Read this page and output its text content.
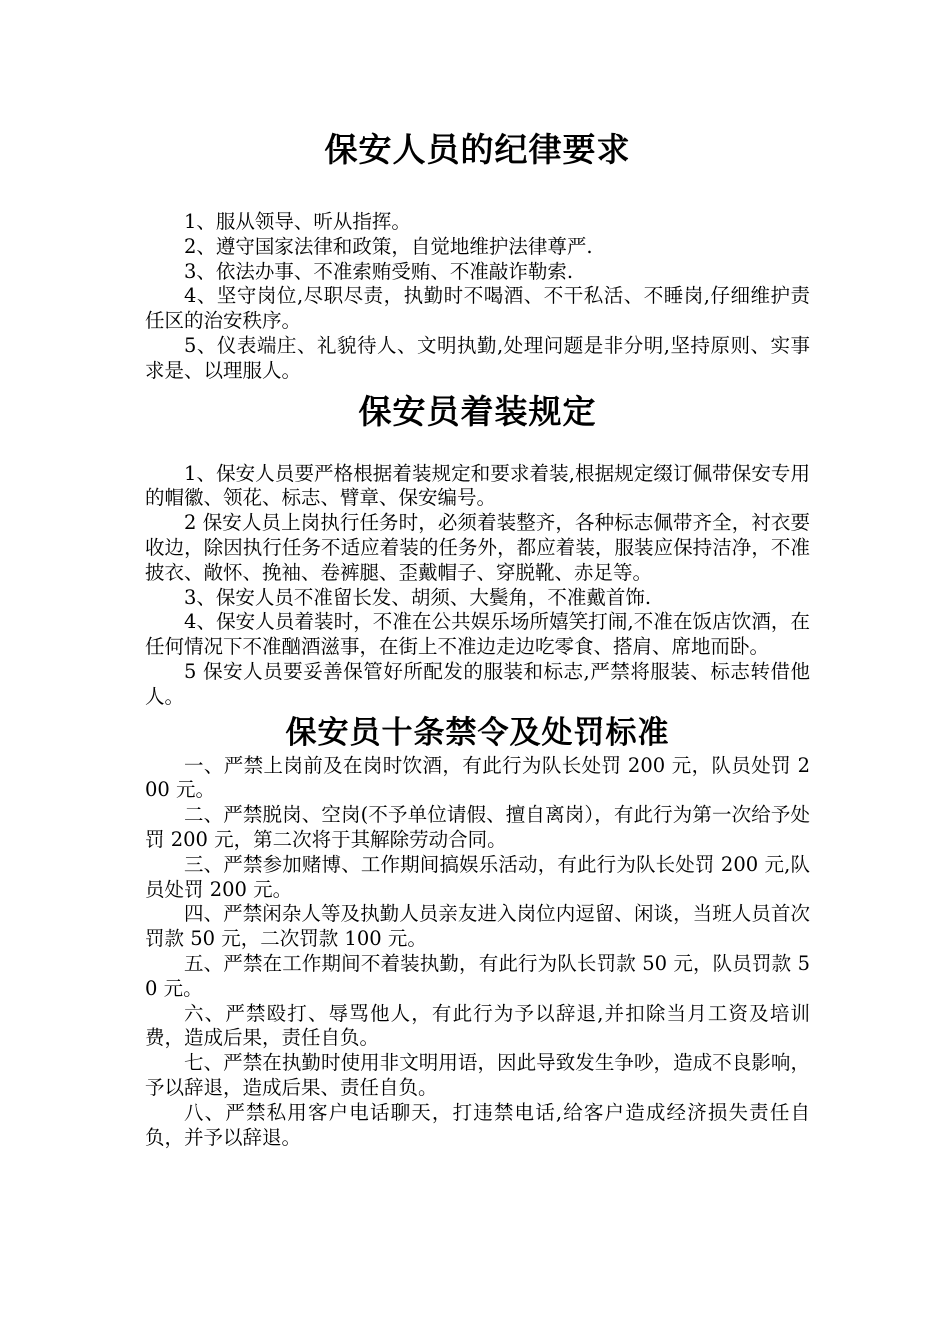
保安人员的纪律要求

1、服从领导、听从指挥。

2、遵守国家法律和政策，自觉地维护法律尊严.

3、依法办事、不准索贿受贿、不准敲诈勒索.

4、坚守岗位,尽职尽责，执勤时不喝酒、不干私活、不睡岗,仔细维护责任区的治安秩序。

5、仪表端庄、礼貌待人、文明执勤,处理问题是非分明,坚持原则、实事求是、以理服人。

保安员着装规定

1、保安人员要严格根据着装规定和要求着装,根据规定缀订佩带保安专用的帽徽、领花、标志、臂章、保安编号。

2 保安人员上岗执行任务时，必须着装整齐，各种标志佩带齐全，衬衣要收边，除因执行任务不适应着装的任务外，都应着装，服装应保持洁净，不准披衣、敞怀、挽袖、卷裤腿、歪戴帽子、穿脱靴、赤足等。

3、保安人员不准留长发、胡须、大鬓角，不准戴首饰.

4、保安人员着装时，不准在公共娱乐场所嬉笑打闹,不准在饭店饮酒，在任何情况下不准酗酒滋事，在街上不准边走边吃零食、搭肩、席地而卧。

5 保安人员要妥善保管好所配发的服装和标志,严禁将服装、标志转借他人。

保安员十条禁令及处罚标准

一、严禁上岗前及在岗时饮酒，有此行为队长处罚 200 元，队员处罚 200 元。

二、严禁脱岗、空岗(不予单位请假、擅自离岗），有此行为第一次给予处罚 200 元，第二次将于其解除劳动合同。

三、严禁参加赌博、工作期间搞娱乐活动，有此行为队长处罚 200 元,队员处罚 200 元。

四、严禁闲杂人等及执勤人员亲友进入岗位内逗留、闲谈，当班人员首次罚款 50 元，二次罚款 100 元。

五、严禁在工作期间不着装执勤，有此行为队长罚款 50 元，队员罚款 50 元。

六、严禁殴打、辱骂他人，有此行为予以辞退,并扣除当月工资及培训费，造成后果，责任自负。

七、严禁在执勤时使用非文明用语，因此导致发生争吵，造成不良影响，予以辞退，造成后果、责任自负。

八、严禁私用客户电话聊天，打违禁电话,给客户造成经济损失责任自负，并予以辞退。
